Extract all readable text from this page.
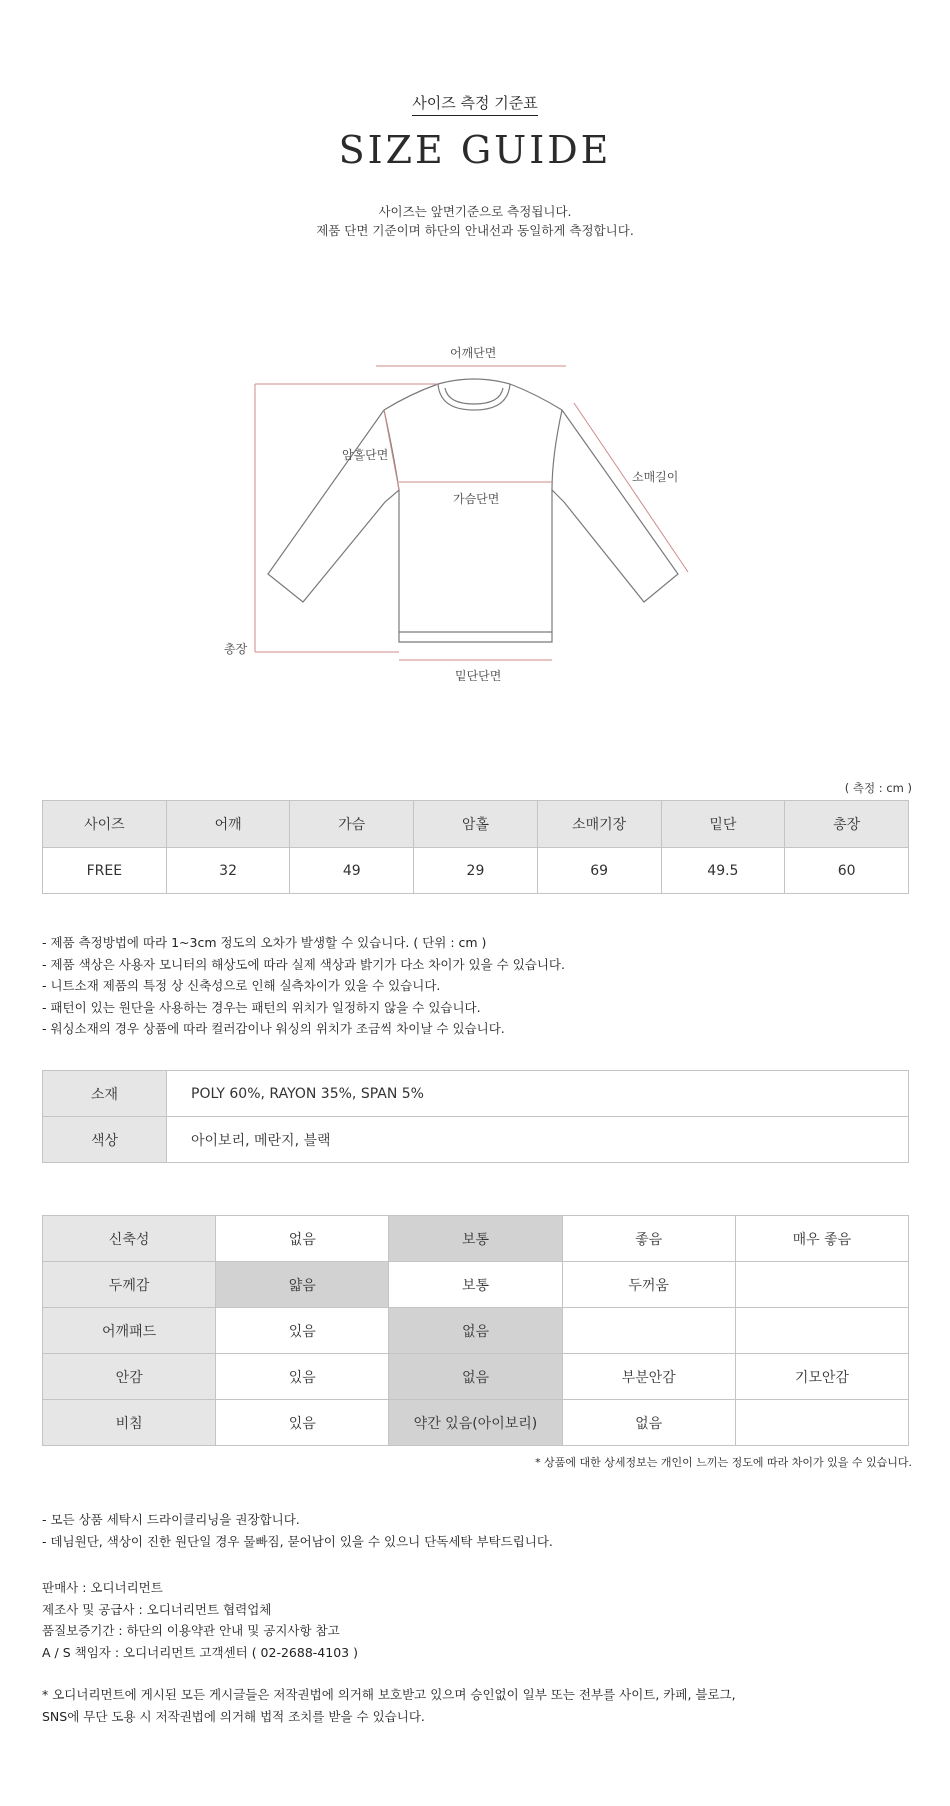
사이즈 측정 기준표
SIZE GUIDE
사이즈는 앞면기준으로 측정됩니다.
제품 단면 기준이며 하단의 안내선과 동일하게 측정합니다.
어깨단면
암홀단면
가슴단면
소매길이
총장
밑단단면
( 측정 : cm )
사이즈	어깨	가슴	암홀	소매기장	밑단	총장
FREE	32	49	29	69	49.5	60
- 제품 측정방법에 따라 1~3cm 정도의 오차가 발생할 수 있습니다. ( 단위 : cm )
- 제품 색상은 사용자 모니터의 해상도에 따라 실제 색상과 밝기가 다소 차이가 있을 수 있습니다.
- 니트소재 제품의 특정 상 신축성으로 인해 실측차이가 있을 수 있습니다.
- 패턴이 있는 원단을 사용하는 경우는 패턴의 위치가 일정하지 않을 수 있습니다.
- 워싱소재의 경우 상품에 따라 컬러감이나 워싱의 위치가 조금씩 차이날 수 있습니다.
소재	POLY 60%, RAYON 35%, SPAN 5%
색상	아이보리, 메란지, 블랙
신축성	없음	보통	좋음	매우 좋음
두께감	얇음	보통	두꺼움	
어깨패드	있음	없음		
안감	있음	없음	부분안감	기모안감
비침	있음	약간 있음(아이보리)	없음	
* 상품에 대한 상세정보는 개인이 느끼는 정도에 따라 차이가 있을 수 있습니다.
- 모든 상품 세탁시 드라이클리닝을 권장합니다.
- 데님원단, 색상이 진한 원단일 경우 물빠짐, 묻어남이 있을 수 있으니 단독세탁 부탁드립니다.
판매사 : 오디너리먼트
제조사 및 공급사 : 오디너리먼트 협력업체
품질보증기간 : 하단의 이용약관 안내 및 공지사항 참고
A / S 책임자 : 오디너리먼트 고객센터 ( 02-2688-4103 )
* 오디너리먼트에 게시된 모든 게시글들은 저작권법에 의거해 보호받고 있으며 승인없이 일부 또는 전부를 사이트, 카페, 블로그,
SNS에 무단 도용 시 저작권법에 의거해 법적 조치를 받을 수 있습니다.
